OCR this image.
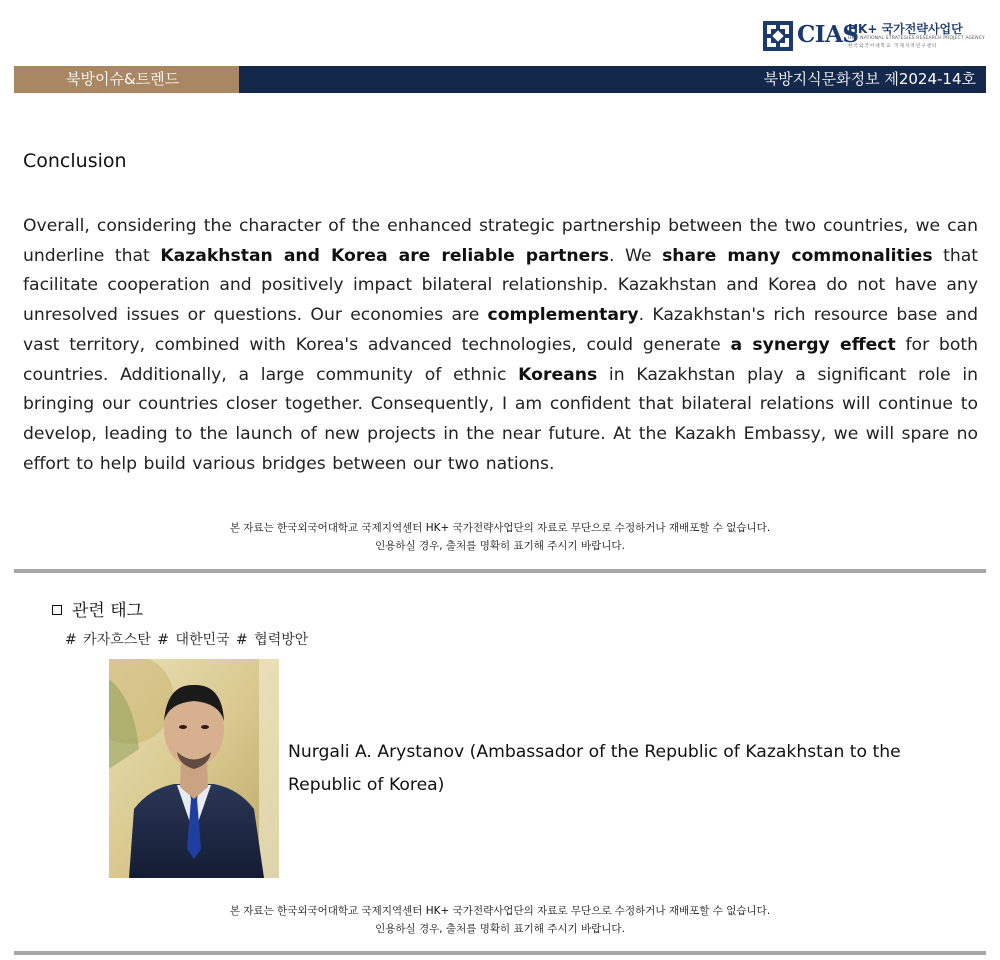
CIAS
HK+ 국가전략사업단
HK+ NATIONAL STRATEGIES RESEARCH PROJECT AGENCY
한국외국어대학교 국제지역연구센터
북방이슈&트렌드	북방지식문화정보 제2024-14호
Conclusion
Overall, considering the character of the enhanced strategic partnership between the two countries, we can underline that Kazakhstan and Korea are reliable partners. We share many commonalities that facilitate cooperation and positively impact bilateral relationship. Kazakhstan and Korea do not have any unresolved issues or questions. Our economies are complementary. Kazakhstan's rich resource base and vast territory, combined with Korea's advanced technologies, could generate a synergy effect for both countries. Additionally, a large community of ethnic Koreans in Kazakhstan play a significant role in bringing our countries closer together. Consequently, I am confident that bilateral relations will continue to develop, leading to the launch of new projects in the near future. At the Kazakh Embassy, we will spare no effort to help build various bridges between our two nations.
본 자료는 한국외국어대학교 국제지역센터 HK+ 국가전략사업단의 자료로 무단으로 수정하거나 재배포할 수 없습니다.
인용하실 경우, 출처를 명확히 표기해 주시기 바랍니다.
관련 태그
# 카자흐스탄 # 대한민국 # 협력방안
Nurgali A. Arystanov (Ambassador of the Republic of Kazakhstan to the Republic of Korea)
본 자료는 한국외국어대학교 국제지역센터 HK+ 국가전략사업단의 자료로 무단으로 수정하거나 재배포할 수 없습니다.
인용하실 경우, 출처를 명확히 표기해 주시기 바랍니다.
